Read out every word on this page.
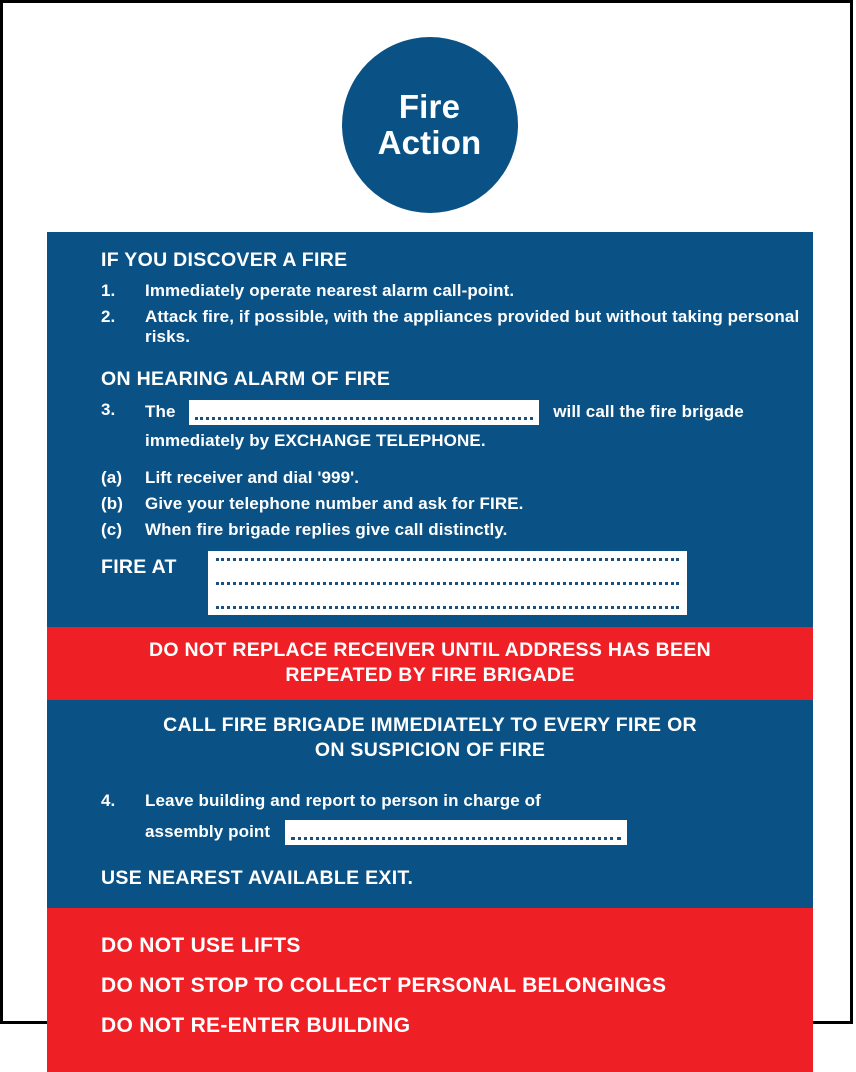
Fire
Action
IF YOU DISCOVER A FIRE
1.	Immediately operate nearest alarm call-point.
2.	Attack fire, if possible, with the appliances provided but without taking personal risks.
ON HEARING ALARM OF FIRE
3.	The	will call the fire brigade
immediately by EXCHANGE TELEPHONE.
(a)	Lift receiver and dial '999'.
(b)	Give your telephone number and ask for FIRE.
(c)	When fire brigade replies give call distinctly.
FIRE AT
DO NOT REPLACE RECEIVER UNTIL ADDRESS HAS BEEN
REPEATED BY FIRE BRIGADE
CALL FIRE BRIGADE IMMEDIATELY TO EVERY FIRE OR
ON SUSPICION OF FIRE
4.	Leave building and report to person in charge of
assembly point
USE NEAREST AVAILABLE EXIT.
DO NOT USE LIFTS
DO NOT STOP TO COLLECT PERSONAL BELONGINGS
DO NOT RE-ENTER BUILDING
